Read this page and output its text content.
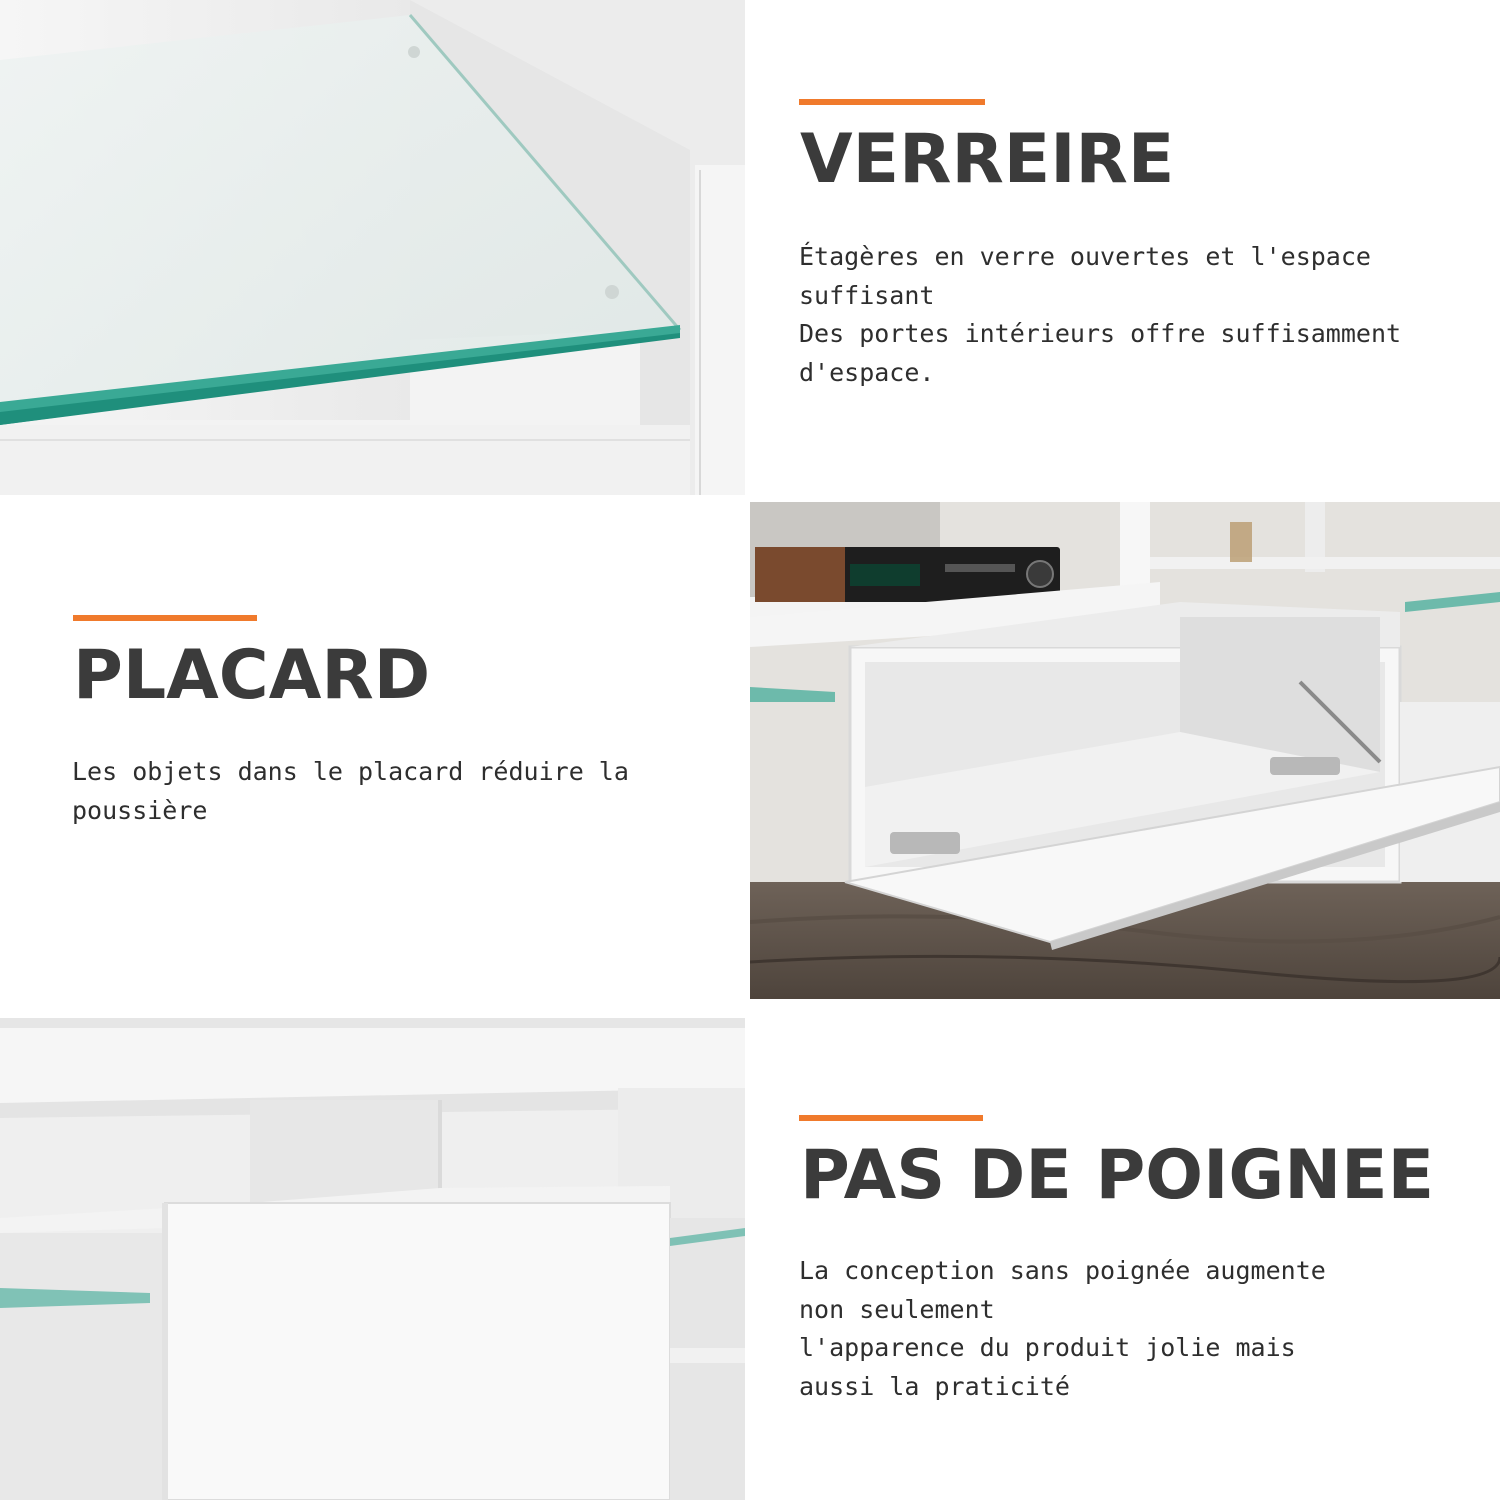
VERREIRE
Étagères en verre ouvertes et l'espace
suffisant
Des portes intérieurs offre suffisamment
d'espace.
PLACARD
Les objets dans le placard réduire la
poussière
PAS DE POIGNEE
La conception sans poignée augmente
non seulement
l'apparence du produit jolie mais
aussi la praticité
